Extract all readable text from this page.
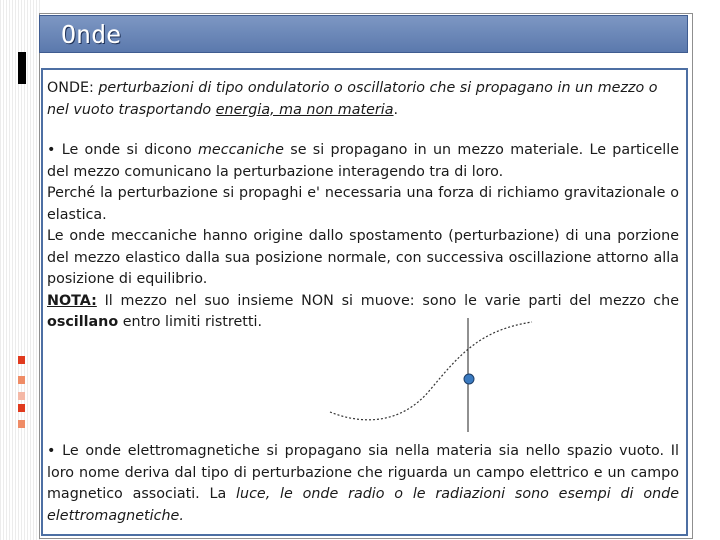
Onde

ONDE: perturbazioni di tipo ondulatorio o oscillatorio che si propagano in un mezzo o nel vuoto trasportando energia, ma non materia.

• Le onde si dicono meccaniche se si propagano in un mezzo materiale. Le particelle del mezzo comunicano la perturbazione interagendo tra di loro.
Perché la perturbazione si propaghi e' necessaria una forza di richiamo gravitazionale o elastica.
Le onde meccaniche hanno origine dallo spostamento (perturbazione) di una porzione del mezzo elastico dalla sua posizione normale, con successiva oscillazione attorno alla posizione di equilibrio.
NOTA: Il mezzo nel suo insieme NON si muove: sono le varie parti del mezzo che oscillano entro limiti ristretti.
• Le onde elettromagnetiche si propagano sia nella materia sia nello spazio vuoto. Il loro nome deriva dal tipo di perturbazione che riguarda un campo elettrico e un campo magnetico associati. La luce, le onde radio o le radiazioni sono esempi di onde elettromagnetiche.
